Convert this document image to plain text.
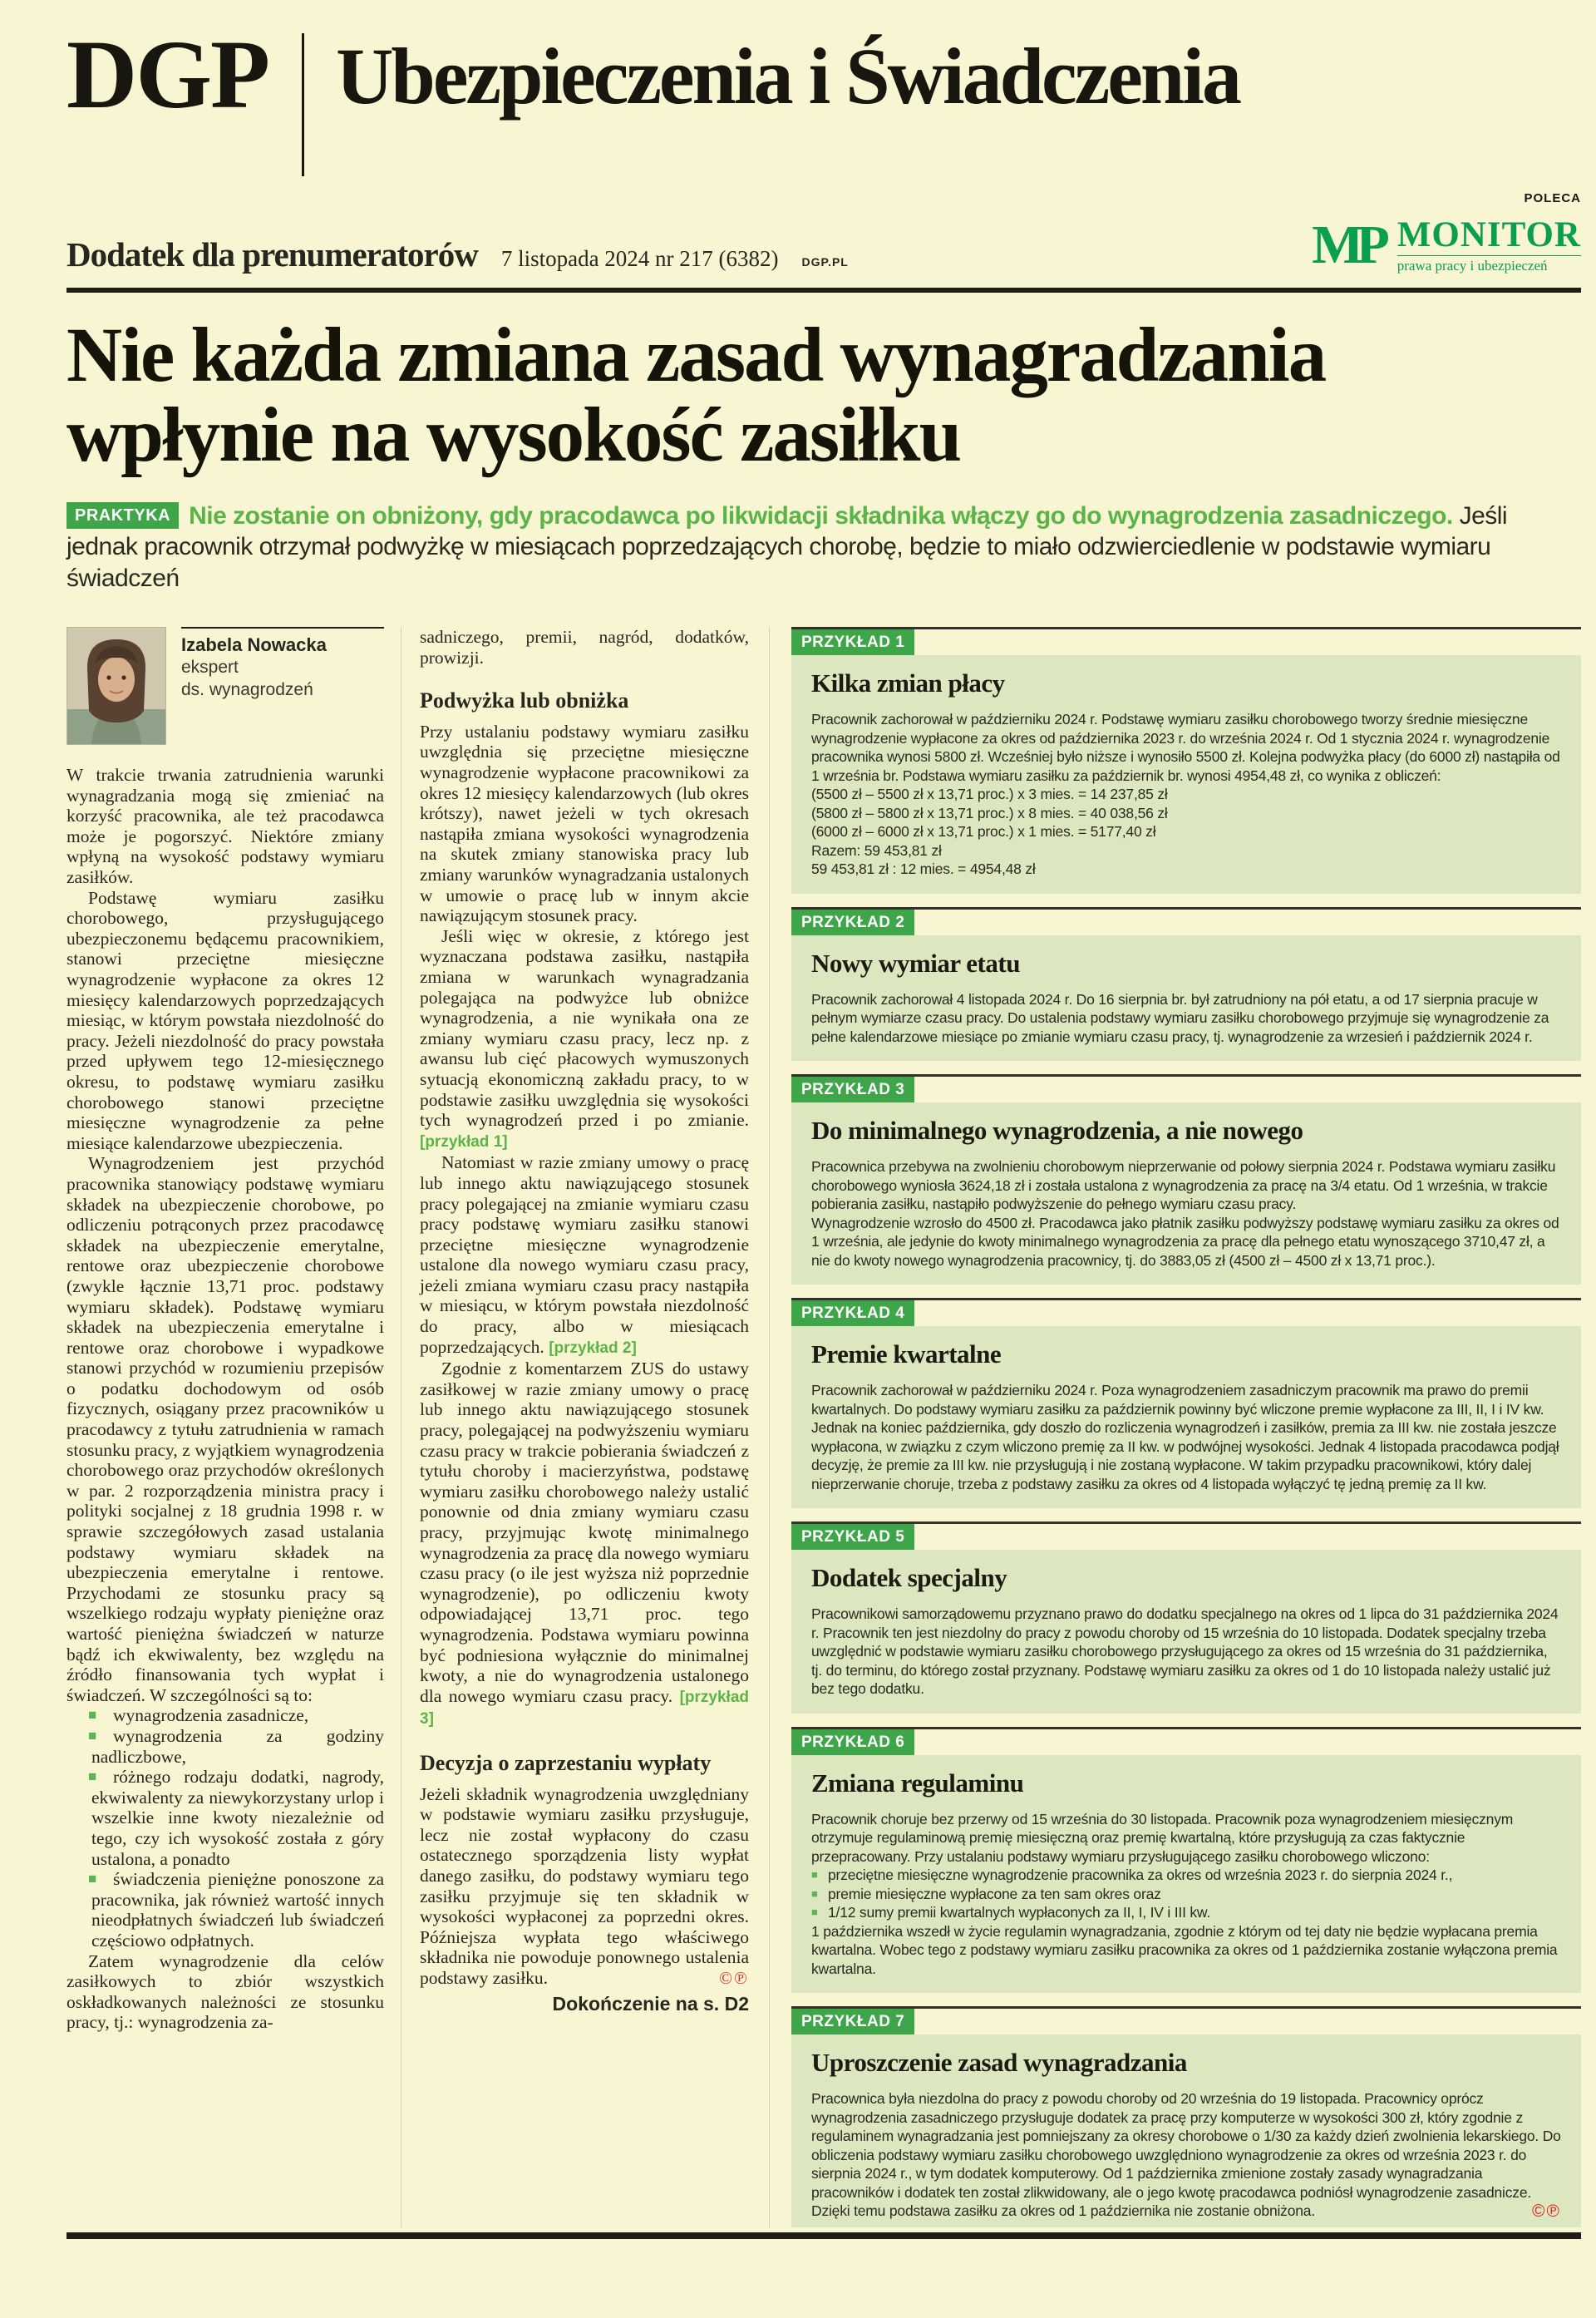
DGP Ubezpieczenia i Świadczenia
Dodatek dla prenumeratorów 7 listopada 2024 nr 217 (6382) DGP.PL
POLECA
MP MONITOR
prawa pracy i ubezpieczeń
Nie każda zmiana zasad wynagradzania
wpłynie na wysokość zasiłku
PRAKTYKA Nie zostanie on obniżony, gdy pracodawca po likwidacji składnika włączy go do wynagrodzenia zasadniczego. Jeśli jednak pracownik otrzymał podwyżkę w miesiącach poprzedzających chorobę, będzie to miało odzwierciedlenie w podstawie wymiaru świadczeń
Izabela Nowacka
ekspert
ds. wynagrodzeń

W trakcie trwania zatrudnienia warunki wynagradzania mogą się zmieniać na korzyść pracownika, ale też pracodawca może je pogorszyć. Niektóre zmiany wpłyną na wysokość podstawy wymiaru zasiłków.

Podstawę wymiaru zasiłku chorobowego, przysługującego ubezpieczonemu będącemu pracownikiem, stanowi przeciętne miesięczne wynagrodzenie wypłacone za okres 12 miesięcy kalendarzowych poprzedzających miesiąc, w którym powstała niezdolność do pracy. Jeżeli niezdolność do pracy powstała przed upływem tego 12-miesięcznego okresu, to podstawę wymiaru zasiłku chorobowego stanowi przeciętne miesięczne wynagrodzenie za pełne miesiące kalendarzowe ubezpieczenia.

Wynagrodzeniem jest przychód pracownika stanowiący podstawę wymiaru składek na ubezpieczenie chorobowe, po odliczeniu potrąconych przez pracodawcę składek na ubezpieczenie emerytalne, rentowe oraz ubezpieczenie chorobowe (zwykle łącznie 13,71 proc. podstawy wymiaru składek). Podstawę wymiaru składek na ubezpieczenia emerytalne i rentowe oraz chorobowe i wypadkowe stanowi przychód w rozumieniu przepisów o podatku dochodowym od osób fizycznych, osiągany przez pracowników u pracodawcy z tytułu zatrudnienia w ramach stosunku pracy, z wyjątkiem wynagrodzenia chorobowego oraz przychodów określonych w par. 2 rozporządzenia ministra pracy i polityki socjalnej z 18 grudnia 1998 r. w sprawie szczegółowych zasad ustalania podstawy wymiaru składek na ubezpieczenia emerytalne i rentowe. Przychodami ze stosunku pracy są wszelkiego rodzaju wypłaty pieniężne oraz wartość pieniężna świadczeń w naturze bądź ich ekwiwalenty, bez względu na źródło finansowania tych wypłat i świadczeń. W szczególności są to:

■ wynagrodzenia zasadnicze,

■ wynagrodzenia za godziny nadliczbowe,

■ różnego rodzaju dodatki, nagrody, ekwiwalenty za niewykorzystany urlop i wszelkie inne kwoty niezależnie od tego, czy ich wysokość została z góry ustalona, a ponadto

■ świadczenia pieniężne ponoszone za pracownika, jak również wartość innych nieodpłatnych świadczeń lub świadczeń częściowo odpłatnych.

Zatem wynagrodzenie dla celów zasiłkowych to zbiór wszystkich oskładkowanych należności ze stosunku pracy, tj.: wynagrodzenia za-

sadniczego, premii, nagród, dodatków, prowizji.

Podwyżka lub obniżka

Przy ustalaniu podstawy wymiaru zasiłku uwzględnia się przeciętne miesięczne wynagrodzenie wypłacone pracownikowi za okres 12 miesięcy kalendarzowych (lub okres krótszy), nawet jeżeli w tych okresach nastąpiła zmiana wysokości wynagrodzenia na skutek zmiany stanowiska pracy lub zmiany warunków wynagradzania ustalonych w umowie o pracę lub w innym akcie nawiązującym stosunek pracy.

Jeśli więc w okresie, z którego jest wyznaczana podstawa zasiłku, nastąpiła zmiana w warunkach wynagradzania polegająca na podwyżce lub obniżce wynagrodzenia, a nie wynikała ona ze zmiany wymiaru czasu pracy, lecz np. z awansu lub cięć płacowych wymuszonych sytuacją ekonomiczną zakładu pracy, to w podstawie zasiłku uwzględnia się wysokości tych wynagrodzeń przed i po zmianie. [przykład 1]

Natomiast w razie zmiany umowy o pracę lub innego aktu nawiązującego stosunek pracy polegającej na zmianie wymiaru czasu pracy podstawę wymiaru zasiłku stanowi przeciętne miesięczne wynagrodzenie ustalone dla nowego wymiaru czasu pracy, jeżeli zmiana wymiaru czasu pracy nastąpiła w miesiącu, w którym powstała niezdolność do pracy, albo w miesiącach poprzedzających. [przykład 2]

Zgodnie z komentarzem ZUS do ustawy zasiłkowej w razie zmiany umowy o pracę lub innego aktu nawiązującego stosunek pracy, polegającej na podwyższeniu wymiaru czasu pracy w trakcie pobierania świadczeń z tytułu choroby i macierzyństwa, podstawę wymiaru zasiłku chorobowego należy ustalić ponownie od dnia zmiany wymiaru czasu pracy, przyjmując kwotę minimalnego wynagrodzenia za pracę dla nowego wymiaru czasu pracy (o ile jest wyższa niż poprzednie wynagrodzenie), po odliczeniu kwoty odpowiadającej 13,71 proc. tego wynagrodzenia. Podstawa wymiaru powinna być podniesiona wyłącznie do minimalnej kwoty, a nie do wynagrodzenia ustalonego dla nowego wymiaru czasu pracy. [przykład 3]

Decyzja o zaprzestaniu wypłaty

Jeżeli składnik wynagrodzenia uwzględniany w podstawie wymiaru zasiłku przysługuje, lecz nie został wypłacony do czasu ostatecznego sporządzenia listy wypłat danego zasiłku, do podstawy wymiaru tego zasiłku przyjmuje się ten składnik w wysokości wypłaconej za poprzedni okres. Późniejsza wypłata tego właściwego składnika nie powoduje ponownego ustalenia podstawy zasiłku.	©℗
Dokończenie na s. D2
PRZYKŁAD 1
Kilka zmian płacy

Pracownik zachorował w październiku 2024 r. Podstawę wymiaru zasiłku chorobowego tworzy średnie miesięczne wynagrodzenie wypłacone za okres od października 2023 r. do września 2024 r. Od 1 stycznia 2024 r. wynagrodzenie pracownika wynosi 5800 zł. Wcześniej było niższe i wynosiło 5500 zł. Kolejna podwyżka płacy (do 6000 zł) nastąpiła od 1 września br. Podstawa wymiaru zasiłku za październik br. wynosi 4954,48 zł, co wynika z obliczeń:

(5500 zł – 5500 zł x 13,71 proc.) x 3 mies. = 14 237,85 zł

(5800 zł – 5800 zł x 13,71 proc.) x 8 mies. = 40 038,56 zł

(6000 zł – 6000 zł x 13,71 proc.) x 1 mies. = 5177,40 zł

Razem: 59 453,81 zł

59 453,81 zł : 12 mies. = 4954,48 zł

PRZYKŁAD 2
Nowy wymiar etatu

Pracownik zachorował 4 listopada 2024 r. Do 16 sierpnia br. był zatrudniony na pół etatu, a od 17 sierpnia pracuje w pełnym wymiarze czasu pracy. Do ustalenia podstawy wymiaru zasiłku chorobowego przyjmuje się wynagrodzenie za pełne kalendarzowe miesiące po zmianie wymiaru czasu pracy, tj. wynagrodzenie za wrzesień i październik 2024 r.

PRZYKŁAD 3
Do minimalnego wynagrodzenia, a nie nowego

Pracownica przebywa na zwolnieniu chorobowym nieprzerwanie od połowy sierpnia 2024 r. Podstawa wymiaru zasiłku chorobowego wyniosła 3624,18 zł i została ustalona z wynagrodzenia za pracę na 3/4 etatu. Od 1 września, w trakcie pobierania zasiłku, nastąpiło podwyższenie do pełnego wymiaru czasu pracy.

Wynagrodzenie wzrosło do 4500 zł. Pracodawca jako płatnik zasiłku podwyższy podstawę wymiaru zasiłku za okres od 1 września, ale jedynie do kwoty minimalnego wynagrodzenia za pracę dla pełnego etatu wynoszącego 3710,47 zł, a nie do kwoty nowego wynagrodzenia pracownicy, tj. do 3883,05 zł (4500 zł – 4500 zł x 13,71 proc.).

PRZYKŁAD 4
Premie kwartalne

Pracownik zachorował w październiku 2024 r. Poza wynagrodzeniem zasadniczym pracownik ma prawo do premii kwartalnych. Do podstawy wymiaru zasiłku za październik powinny być wliczone premie wypłacone za III, II, I i IV kw. Jednak na koniec października, gdy doszło do rozliczenia wynagrodzeń i zasiłków, premia za III kw. nie została jeszcze wypłacona, w związku z czym wliczono premię za II kw. w podwójnej wysokości. Jednak 4 listopada pracodawca podjął decyzję, że premie za III kw. nie przysługują i nie zostaną wypłacone. W takim przypadku pracownikowi, który dalej nieprzerwanie choruje, trzeba z podstawy zasiłku za okres od 4 listopada wyłączyć tę jedną premię za II kw.

PRZYKŁAD 5
Dodatek specjalny

Pracownikowi samorządowemu przyznano prawo do dodatku specjalnego na okres od 1 lipca do 31 października 2024 r. Pracownik ten jest niezdolny do pracy z powodu choroby od 15 września do 10 listopada. Dodatek specjalny trzeba uwzględnić w podstawie wymiaru zasiłku chorobowego przysługującego za okres od 15 września do 31 października, tj. do terminu, do którego został przyznany. Podstawę wymiaru zasiłku za okres od 1 do 10 listopada należy ustalić już bez tego dodatku.

PRZYKŁAD 6
Zmiana regulaminu

Pracownik choruje bez przerwy od 15 września do 30 listopada. Pracownik poza wynagrodzeniem miesięcznym otrzymuje regulaminową premię miesięczną oraz premię kwartalną, które przysługują za czas faktycznie przepracowany. Przy ustalaniu podstawy wymiaru przysługującego zasiłku chorobowego wliczono:

■ przeciętne miesięczne wynagrodzenie pracownika za okres od września 2023 r. do sierpnia 2024 r.,

■ premie miesięczne wypłacone za ten sam okres oraz

■ 1/12 sumy premii kwartalnych wypłaconych za II, I, IV i III kw.

1 października wszedł w życie regulamin wynagradzania, zgodnie z którym od tej daty nie będzie wypłacana premia kwartalna. Wobec tego z podstawy wymiaru zasiłku pracownika za okres od 1 października zostanie wyłączona premia kwartalna.

PRZYKŁAD 7
Uproszczenie zasad wynagradzania

Pracownica była niezdolna do pracy z powodu choroby od 20 września do 19 listopada. Pracownicy oprócz wynagrodzenia zasadniczego przysługuje dodatek za pracę przy komputerze w wysokości 300 zł, który zgodnie z regulaminem wynagradzania jest pomniejszany za okresy chorobowe o 1/30 za każdy dzień zwolnienia lekarskiego. Do obliczenia podstawy wymiaru zasiłku chorobowego uwzględniono wynagrodzenie za okres od września 2023 r. do sierpnia 2024 r., w tym dodatek komputerowy. Od 1 października zmienione zostały zasady wynagradzania pracowników i dodatek ten został zlikwidowany, ale o jego kwotę pracodawca podniósł wynagrodzenie zasadnicze. Dzięki temu podstawa zasiłku za okres od 1 października nie zostanie obniżona.	©℗
